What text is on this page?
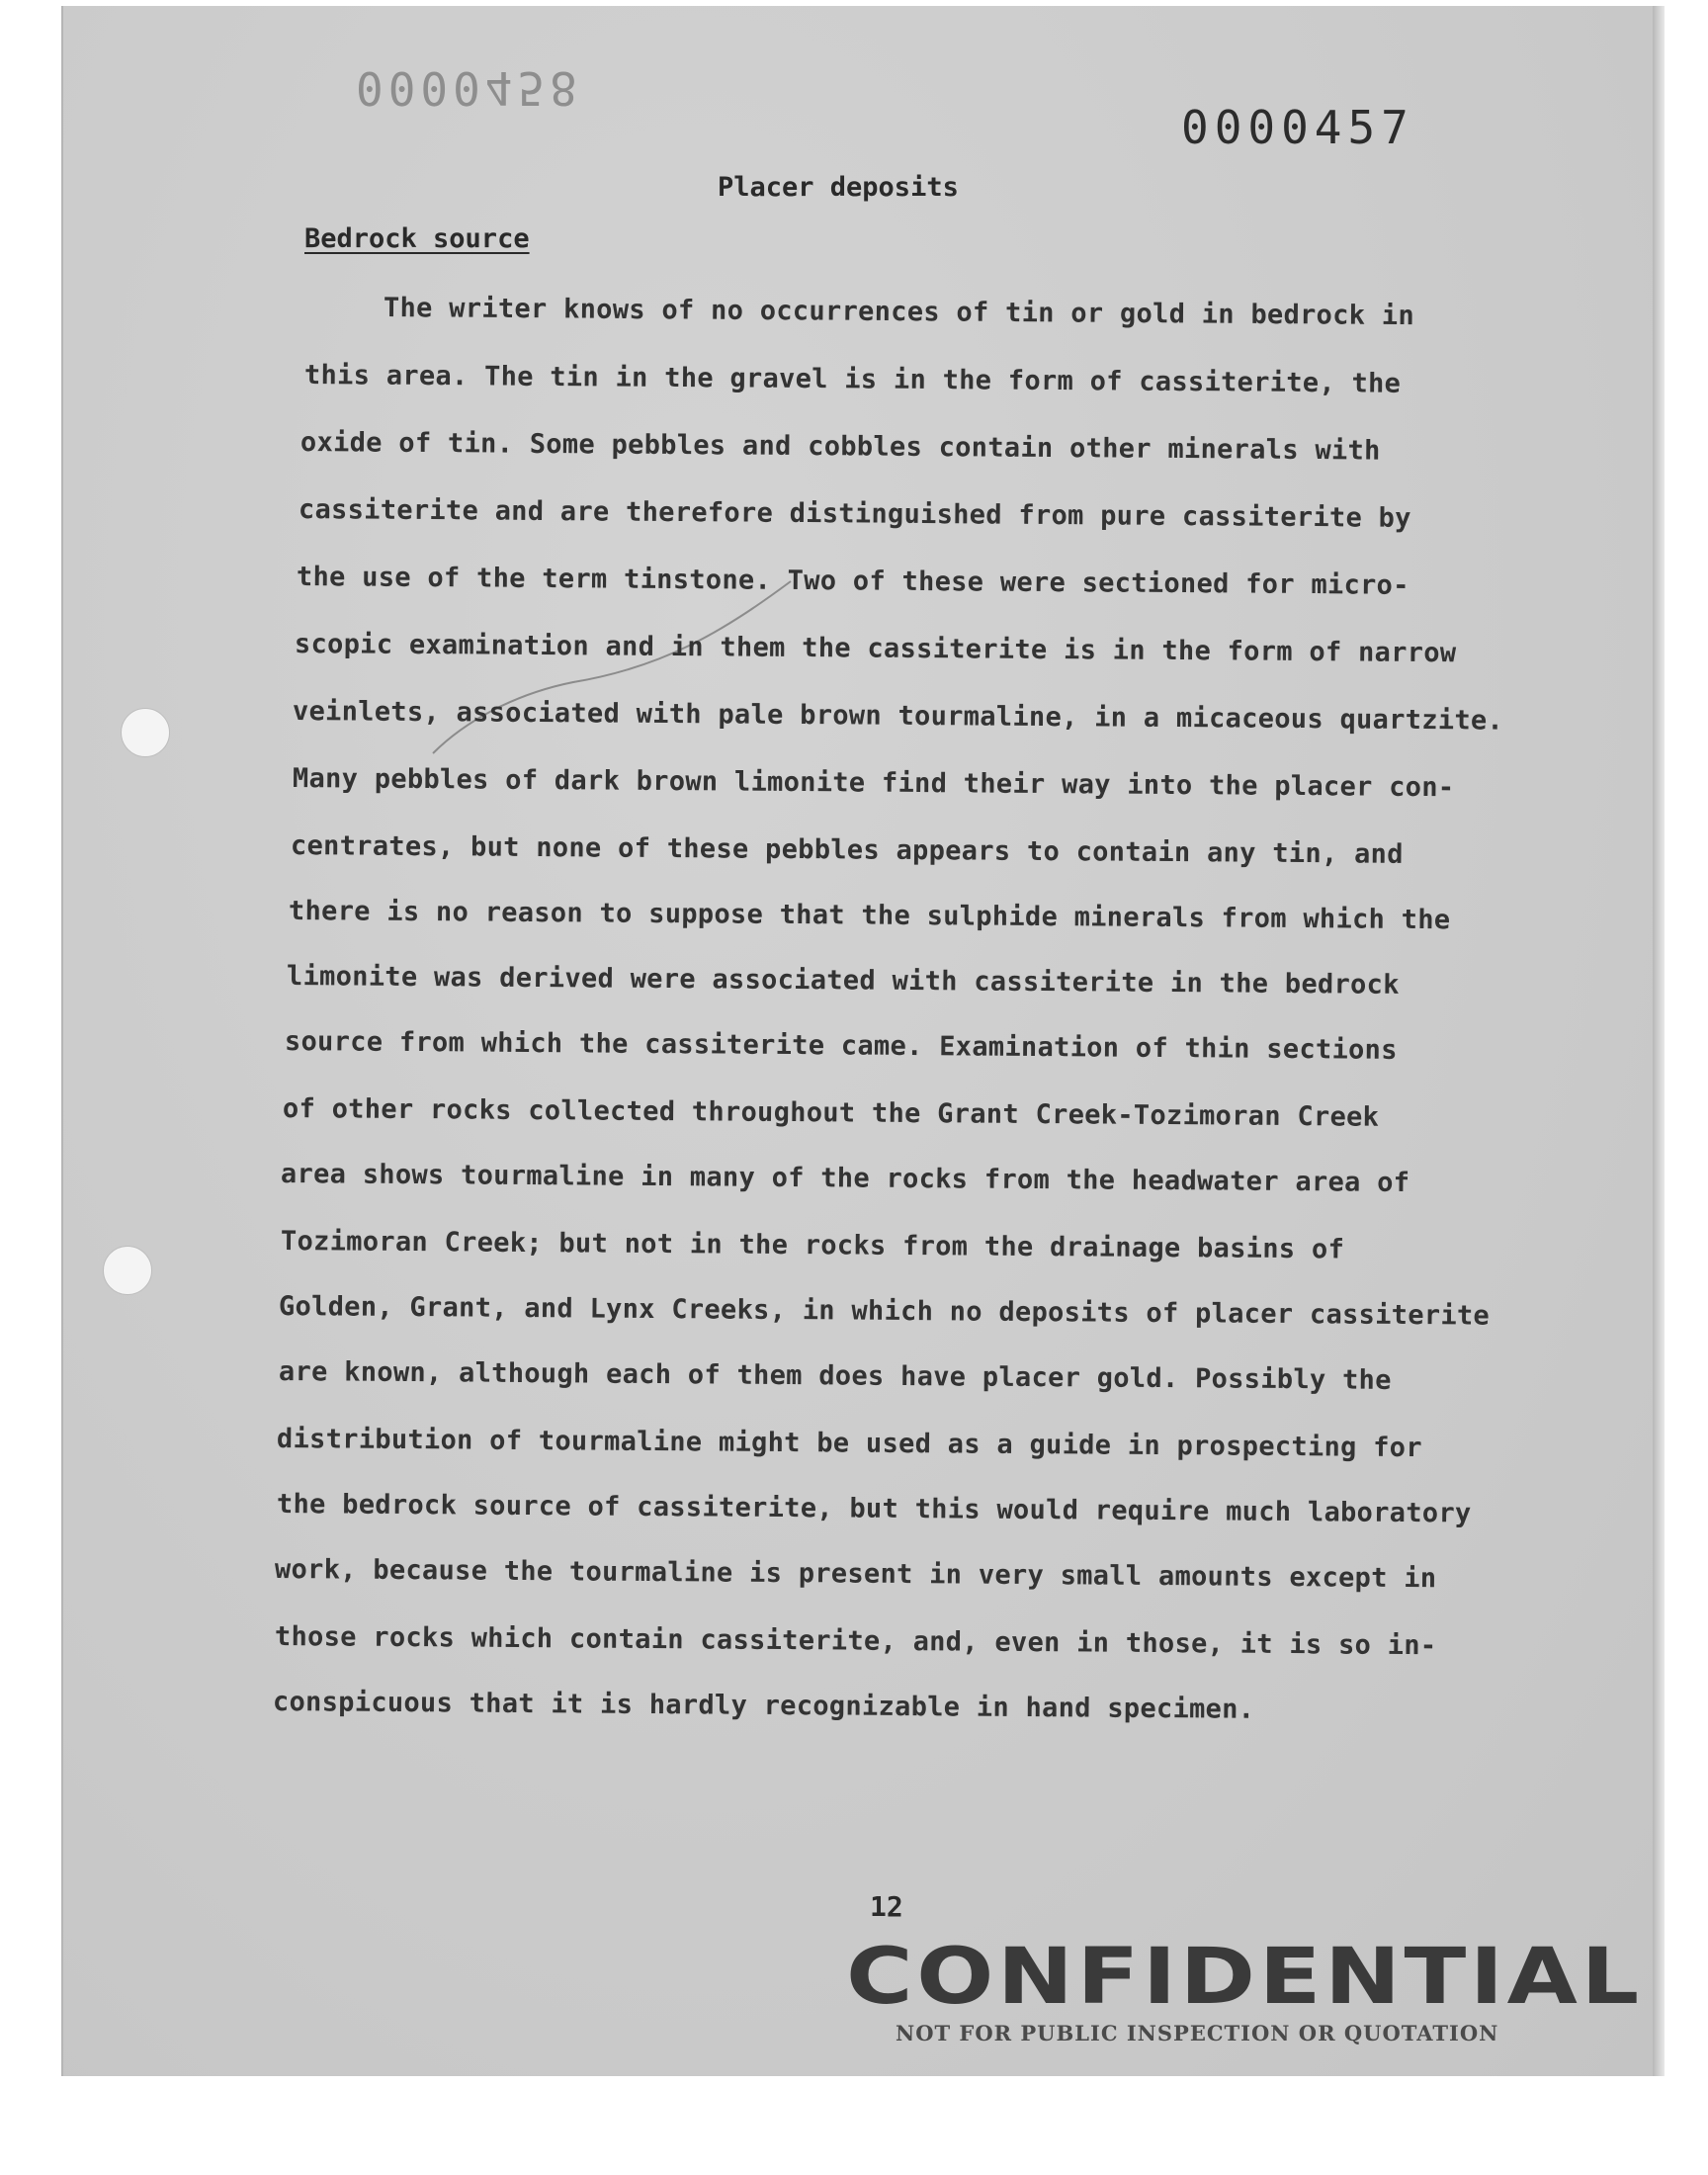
0000458
0000457
Placer deposits
Bedrock source
The writer knows of no occurrences of tin or gold in bedrock in
this area. The tin in the gravel is in the form of cassiterite, the
oxide of tin. Some pebbles and cobbles contain other minerals with
cassiterite and are therefore distinguished from pure cassiterite by
the use of the term tinstone. Two of these were sectioned for micro-
scopic examination and in them the cassiterite is in the form of narrow
veinlets, associated with pale brown tourmaline, in a micaceous quartzite.
Many pebbles of dark brown limonite find their way into the placer con-
centrates, but none of these pebbles appears to contain any tin, and
there is no reason to suppose that the sulphide minerals from which the
limonite was derived were associated with cassiterite in the bedrock
source from which the cassiterite came. Examination of thin sections
of other rocks collected throughout the Grant Creek-Tozimoran Creek
area shows tourmaline in many of the rocks from the headwater area of
Tozimoran Creek; but not in the rocks from the drainage basins of
Golden, Grant, and Lynx Creeks, in which no deposits of placer cassiterite
are known, although each of them does have placer gold. Possibly the
distribution of tourmaline might be used as a guide in prospecting for
the bedrock source of cassiterite, but this would require much laboratory
work, because the tourmaline is present in very small amounts except in
those rocks which contain cassiterite, and, even in those, it is so in-
conspicuous that it is hardly recognizable in hand specimen.
12
CONFIDENTIAL
NOT FOR PUBLIC INSPECTION OR QUOTATION
